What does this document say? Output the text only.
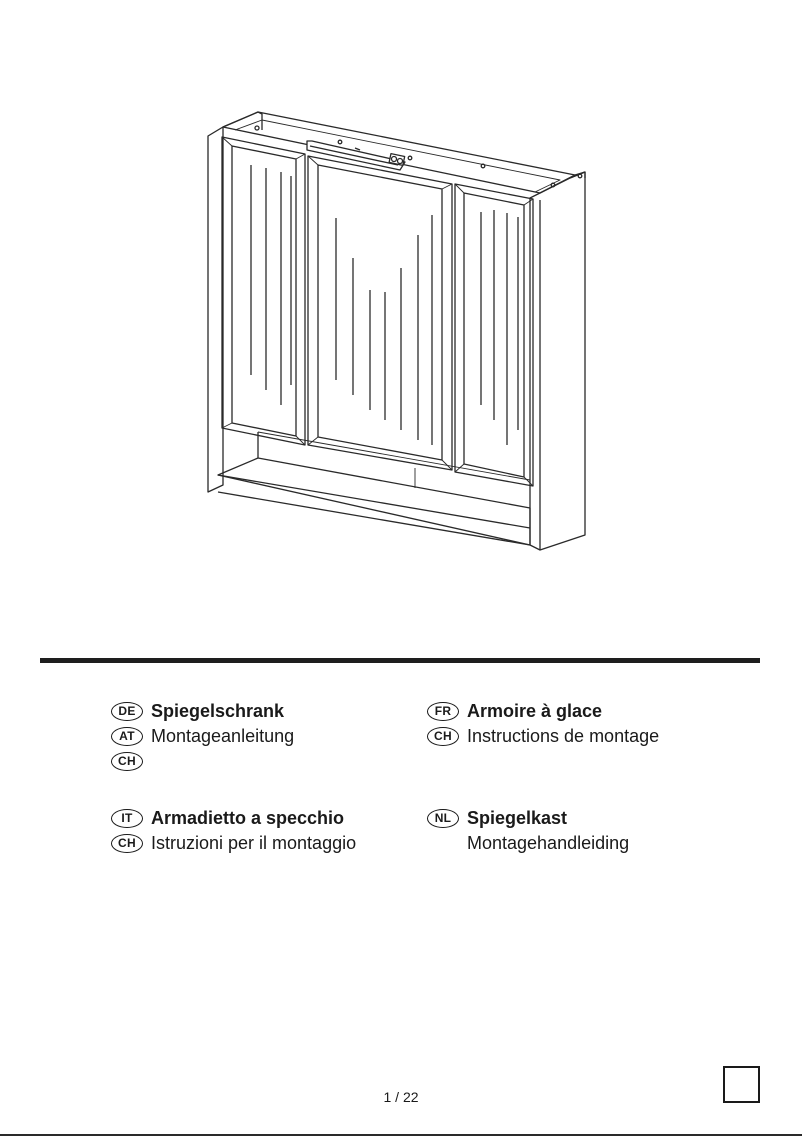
DE Spiegelschrank
AT Montageanleitung
CH
FR Armoire à glace
CH Instructions de montage
IT	Armadietto a specchio
CH Istruzioni per il montaggio
NL Spiegelkast
Montagehandleiding
1 / 22
